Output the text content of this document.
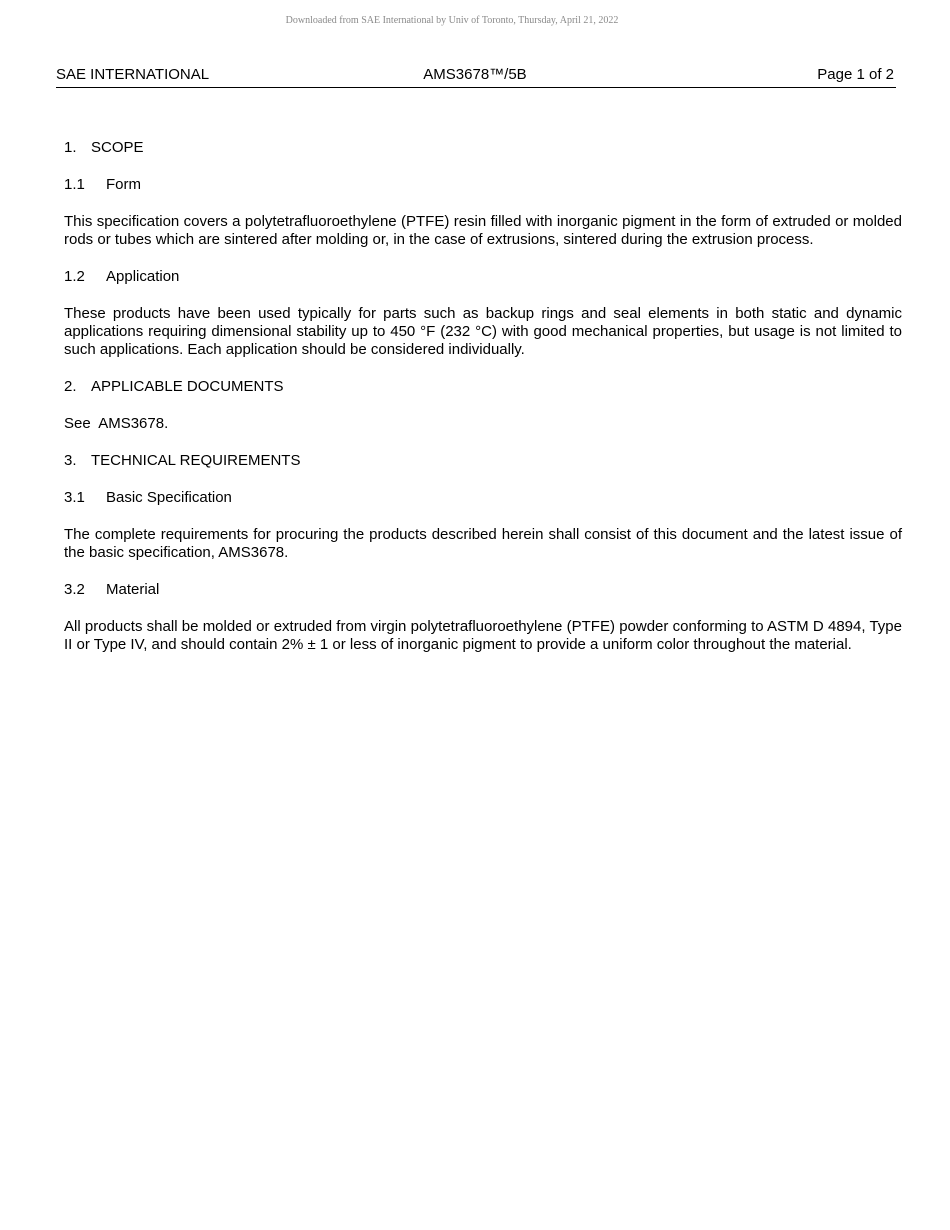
Downloaded from SAE International by Univ of Toronto, Thursday, April 21, 2022
SAE INTERNATIONAL	AMS3678™/5B	Page 1 of 2
1. SCOPE
1.1 Form

This specification covers a polytetrafluoroethylene (PTFE) resin filled with inorganic pigment in the form of extruded or molded rods or tubes which are sintered after molding or, in the case of extrusions, sintered during the extrusion process.

1.2 Application

These products have been used typically for parts such as backup rings and seal elements in both static and dynamic applications requiring dimensional stability up to 450 °F (232 °C) with good mechanical properties, but usage is not limited to such applications. Each application should be considered individually.

2. APPLICABLE DOCUMENTS

See  AMS3678.

3. TECHNICAL REQUIREMENTS
3.1 Basic Specification

The complete requirements for procuring the products described herein shall consist of this document and the latest issue of the basic specification, AMS3678.

3.2 Material

All products shall be molded or extruded from virgin polytetrafluoroethylene (PTFE) powder conforming to ASTM D 4894, Type II or Type IV, and should contain 2% ± 1 or less of inorganic pigment to provide a uniform color throughout the material.
